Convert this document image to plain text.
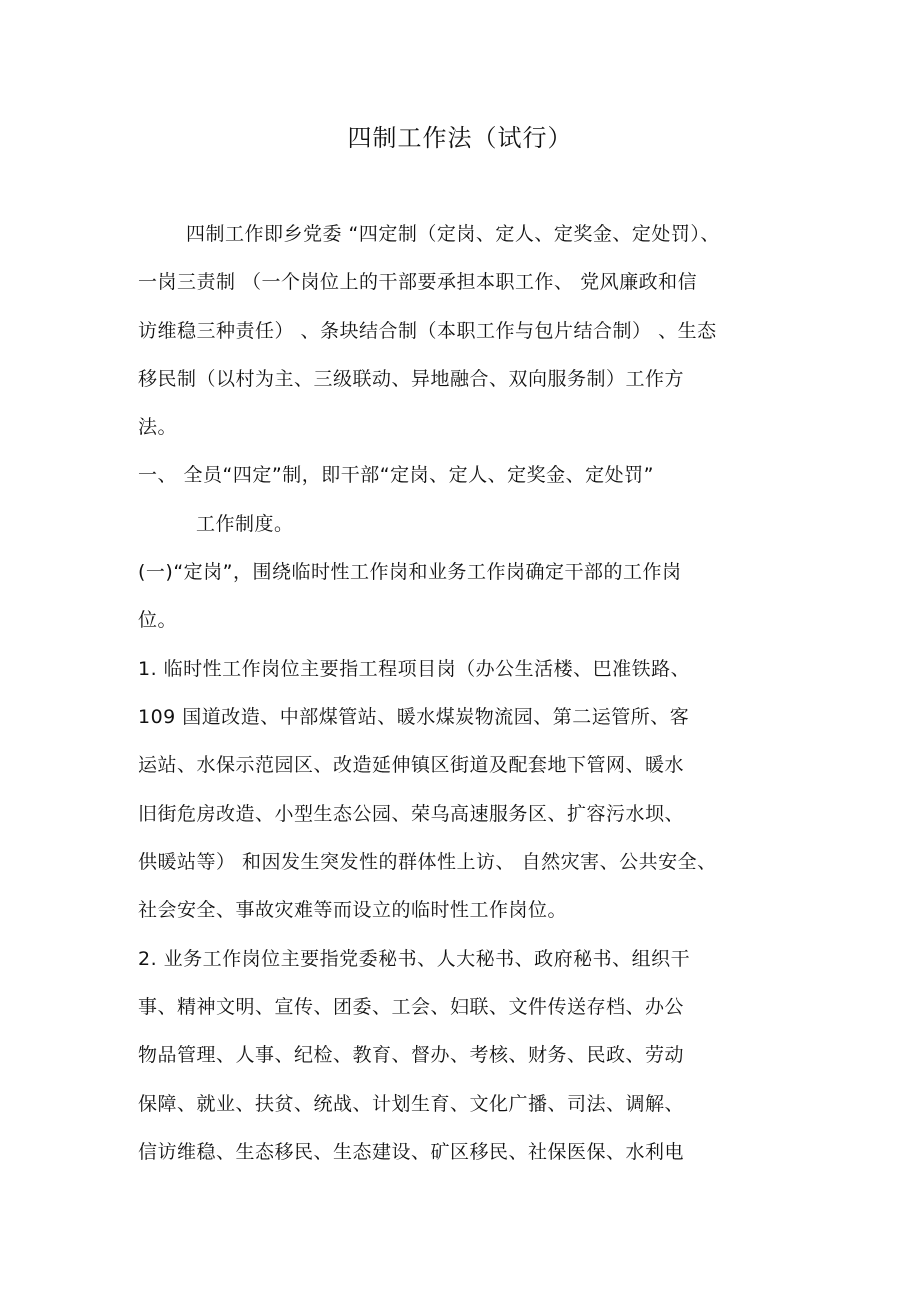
四制工作法（试行）
四制工作即乡党委 “四定制（定岗、定人、定奖金、定处罚）、
一岗三责制 （一个岗位上的干部要承担本职工作、 党风廉政和信
访维稳三种责任） 、条块结合制（本职工作与包片结合制） 、生态
移民制（以村为主、三级联动、异地融合、双向服务制）工作方
法。
一、 全员“四定”制，即干部“定岗、定人、定奖金、定处罚”
工作制度。
(一)“定岗”，围绕临时性工作岗和业务工作岗确定干部的工作岗
位。
1. 临时性工作岗位主要指工程项目岗（办公生活楼、巴准铁路、
109 国道改造、中部煤管站、暖水煤炭物流园、第二运管所、客
运站、水保示范园区、改造延伸镇区街道及配套地下管网、暖水
旧街危房改造、小型生态公园、荣乌高速服务区、扩容污水坝、
供暖站等） 和因发生突发性的群体性上访、 自然灾害、公共安全、
社会安全、事故灾难等而设立的临时性工作岗位。
2. 业务工作岗位主要指党委秘书、人大秘书、政府秘书、组织干
事、精神文明、宣传、团委、工会、妇联、文件传送存档、办公
物品管理、人事、纪检、教育、督办、考核、财务、民政、劳动
保障、就业、扶贫、统战、计划生育、文化广播、司法、调解、
信访维稳、生态移民、生态建设、矿区移民、社保医保、水利电
